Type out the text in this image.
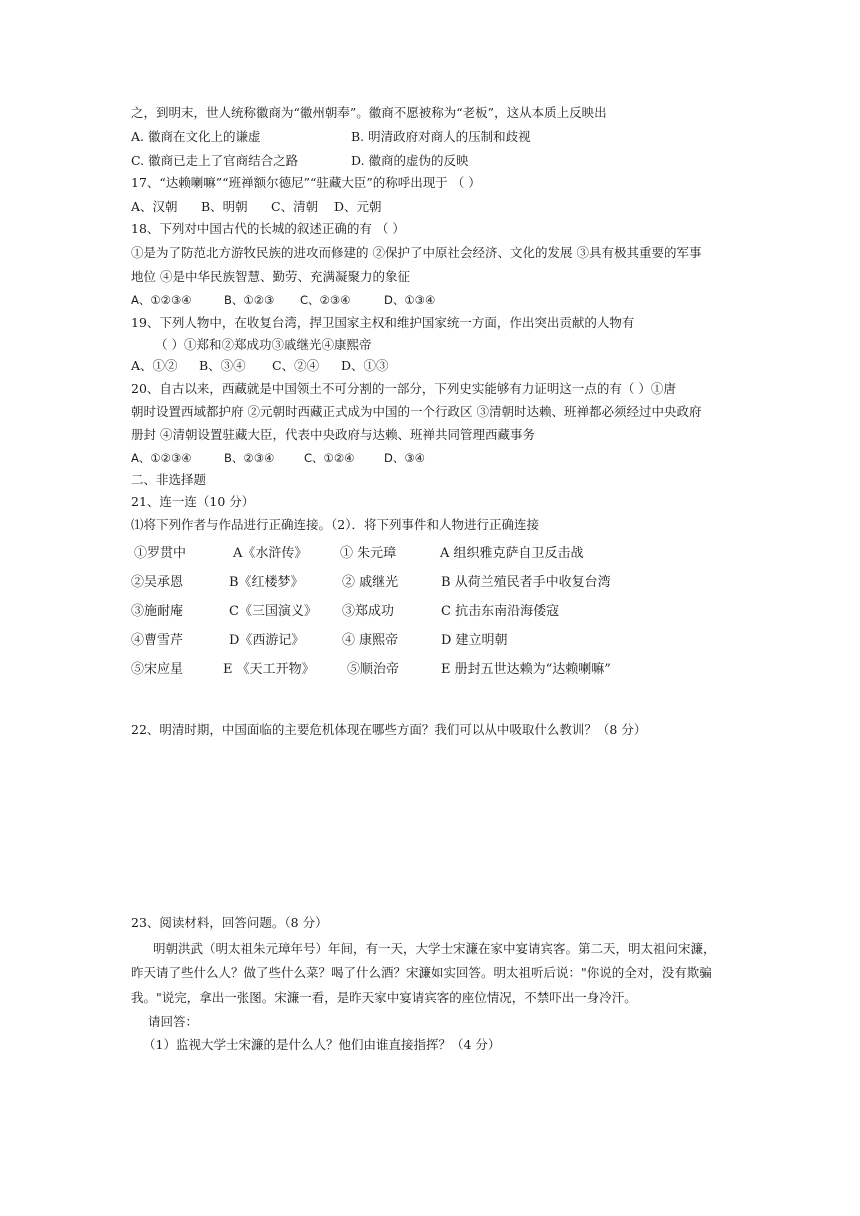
之，到明末，世人统称徽商为“徽州朝奉”。徽商不愿被称为“老板”，这从本质上反映出
A. 徽商在文化上的谦虚	B. 明清政府对商人的压制和歧视
C. 徽商已走上了官商结合之路	D. 徽商的虚伪的反映
17、“达赖喇嘛”“班禅额尔德尼”“驻藏大臣”的称呼出现于 （ ）
A、汉朝 B、明朝 C、清朝 D、元朝
18、下列对中国古代的长城的叙述正确的有 （ ）
①是为了防范北方游牧民族的进攻而修建的 ②保护了中原社会经济、文化的发展 ③具有极其重要的军事
地位 ④是中华民族智慧、勤劳、充满凝聚力的象征
A、①②③④	B、①②③ C、②③④	D、①③④
19、下列人物中，在收复台湾，捍卫国家主权和维护国家统一方面，作出突出贡献的人物有
（ ）①郑和②郑成功③戚继光④康熙帝
A、①② B、③④ C、②④ D、①③
20、自古以来，西藏就是中国领土不可分割的一部分，下列史实能够有力证明这一点的有（ ）①唐
朝时设置西域都护府 ②元朝时西藏正式成为中国的一个行政区 ③清朝时达赖、班禅都必须经过中央政府
册封 ④清朝设置驻藏大臣，代表中央政府与达赖、班禅共同管理西藏事务
A、①②③④	B、②③④	C、①②④	D、③④
二、非选择题
21、连一连（10 分）
⑴将下列作者与作品进行正确连接。（2）．将下列事件和人物进行正确连接
①罗贯中	A《水浒传》	① 朱元璋	A 组织雅克萨自卫反击战
②吴承恩	B《红楼梦》	② 戚继光	B 从荷兰殖民者手中收复台湾
③施耐庵	C《三国演义》 ③郑成功	C 抗击东南沿海倭寇
④曹雪芹	D《西游记》	④ 康熙帝	D 建立明朝
⑤宋应星	E 《天工开物》 ⑤顺治帝	E 册封五世达赖为“达赖喇嘛”
22、明清时期，中国面临的主要危机体现在哪些方面？我们可以从中吸取什么教训？（8 分）
23、阅读材料，回答问题。（8 分）
明朝洪武（明太祖朱元璋年号）年间，有一天，大学士宋濂在家中宴请宾客。第二天，明太祖问宋濂，
昨天请了些什么人？做了些什么菜？喝了什么酒？宋濂如实回答。明太祖听后说："你说的全对，没有欺骗
我。"说完，拿出一张图。宋濂一看，是昨天家中宴请宾客的座位情况，不禁吓出一身冷汗。
请回答：
（1）监视大学士宋濂的是什么人？他们由谁直接指挥？（4 分）
